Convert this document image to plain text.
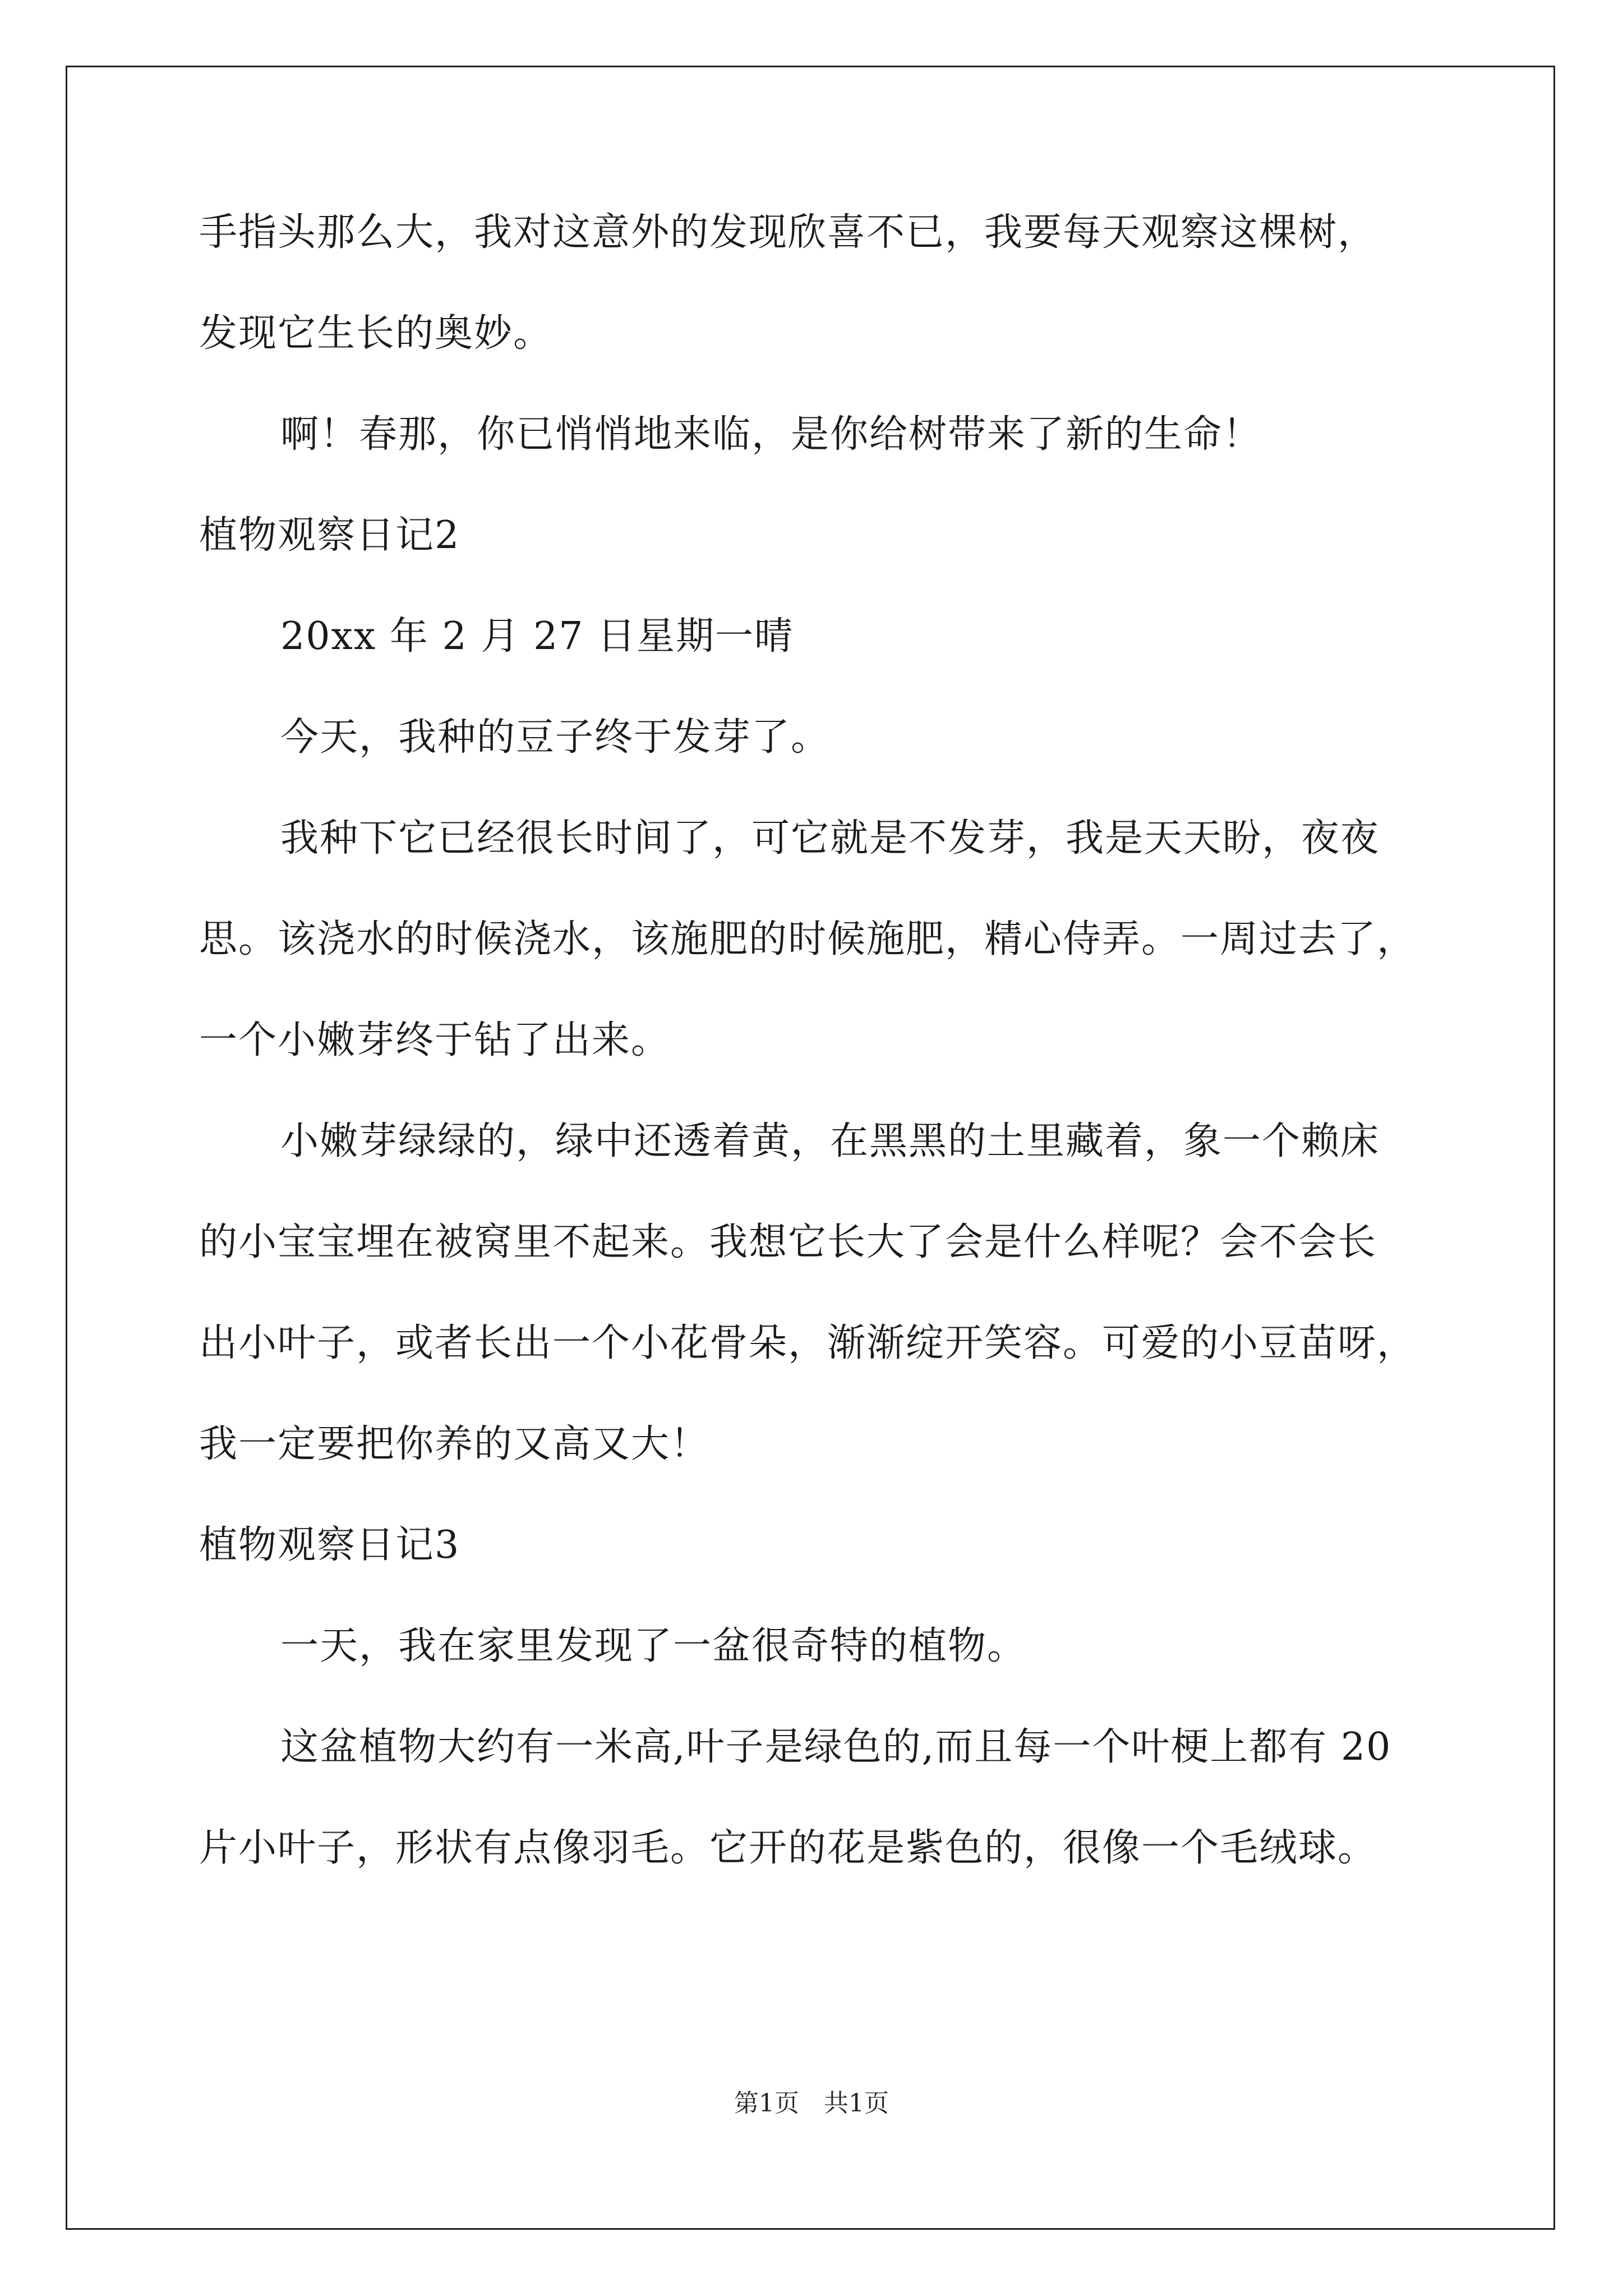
手指头那么大，我对这意外的发现欣喜不已，我要每天观察这棵树，
发现它生长的奥妙。
啊！春那，你已悄悄地来临，是你给树带来了新的生命！
植物观察日记2
20xx 年 2 月 27 日星期一晴
今天，我种的豆子终于发芽了。
我种下它已经很长时间了，可它就是不发芽，我是天天盼，夜夜
思。该浇水的时候浇水，该施肥的时候施肥，精心侍弄。一周过去了，
一个小嫩芽终于钻了出来。
小嫩芽绿绿的，绿中还透着黄，在黑黑的土里藏着，象一个赖床
的小宝宝埋在被窝里不起来。我想它长大了会是什么样呢？会不会长
出小叶子，或者长出一个小花骨朵，渐渐绽开笑容。可爱的小豆苗呀，
我一定要把你养的又高又大！
植物观察日记3
一天，我在家里发现了一盆很奇特的植物。
这盆植物大约有一米高,叶子是绿色的,而且每一个叶梗上都有 20
片小叶子，形状有点像羽毛。它开的花是紫色的，很像一个毛绒球。
第1页　共1页
